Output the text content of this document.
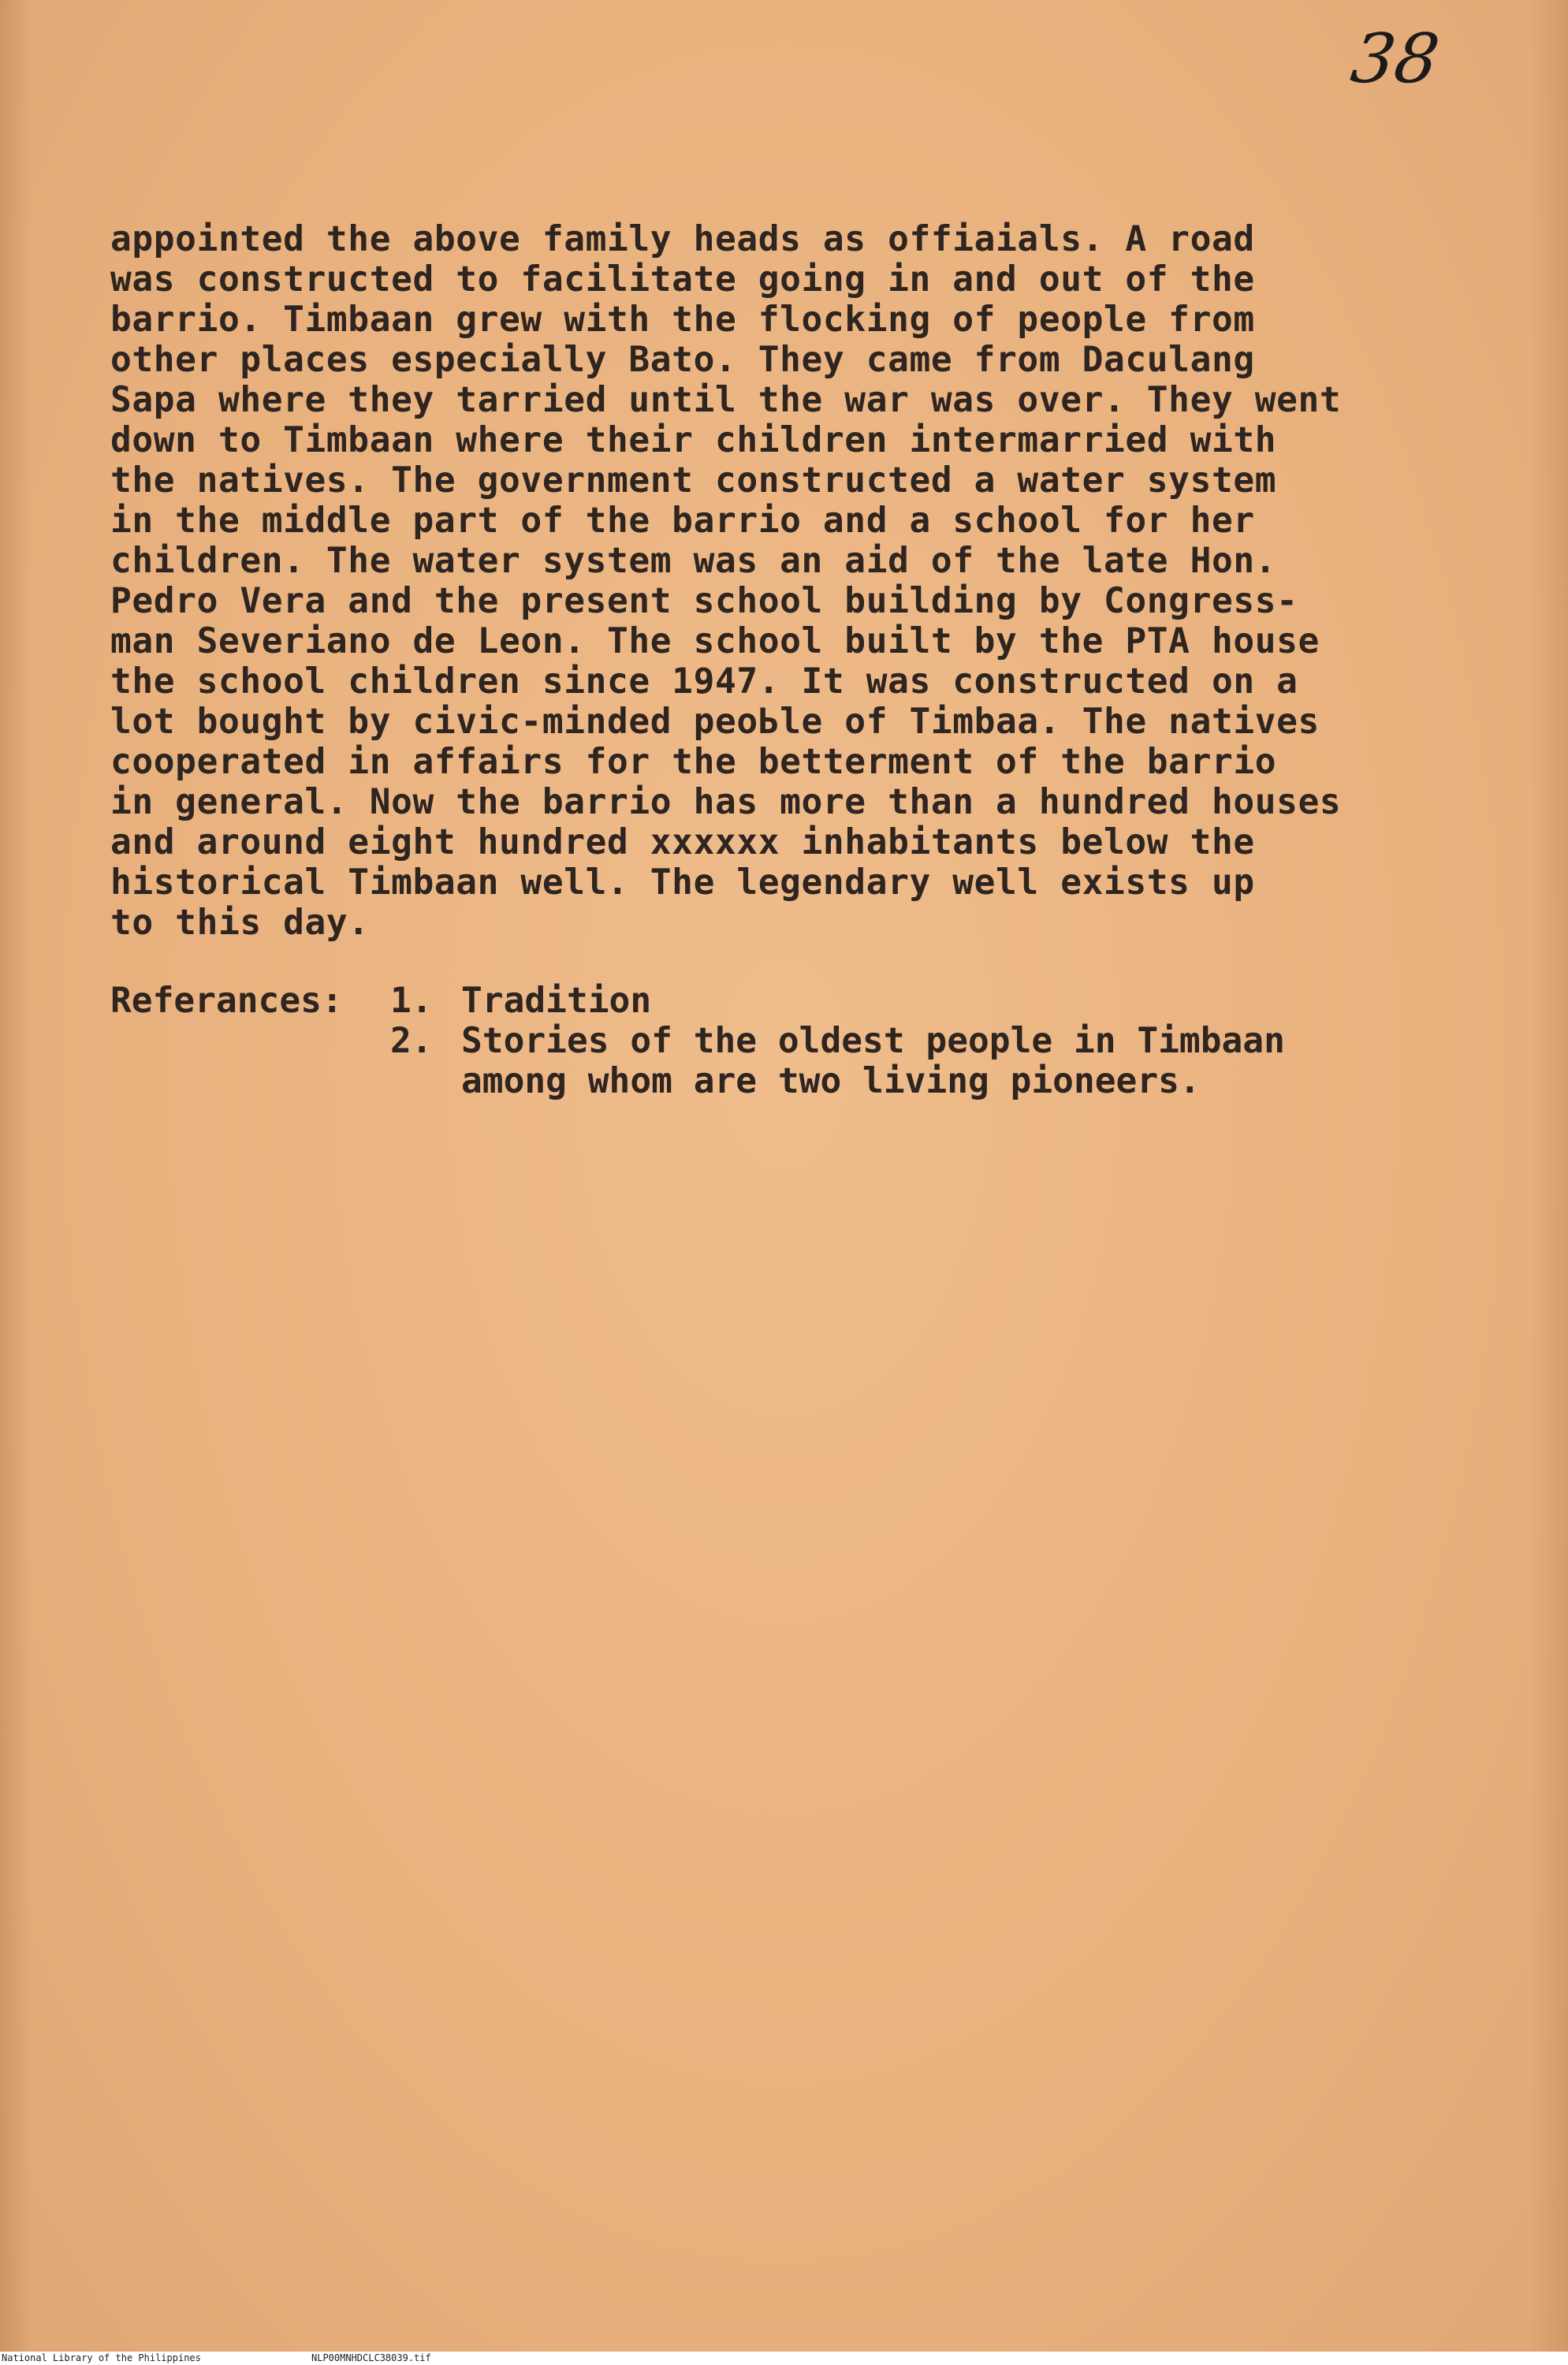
38
appointed the above family heads as offiaials. A road
was constructed to facilitate going in and out of the
barrio. Timbaan grew with the flocking of people from
other places especially Bato. They came from Daculang
Sapa where they tarried until the war was over. They went
down to Timbaan where their children intermarried with
the natives. The government constructed a water system
in the middle part of the barrio and a school for her
children. The water system was an aid of the late Hon.
Pedro Vera and the present school building by Congress-
man Severiano de Leon. The school built by the PTA house
the school children since 1947. It was constructed on a
lot bought by civic-minded peoЬle of Timbaa. The natives
cooperated in affairs for the betterment of the barrio
in general. Now the barrio has more than a hundred houses
and around eight hundred xxxxxx inhabitants below the
historical Timbaan well. The legendary well exists up
to this day.

Referances:

1.

Tradition

2.

Stories of the oldest people in Timbaan

among whom are two living pioneers.

National Library of the Philippines	NLP00MNHDCLC38039.tif
